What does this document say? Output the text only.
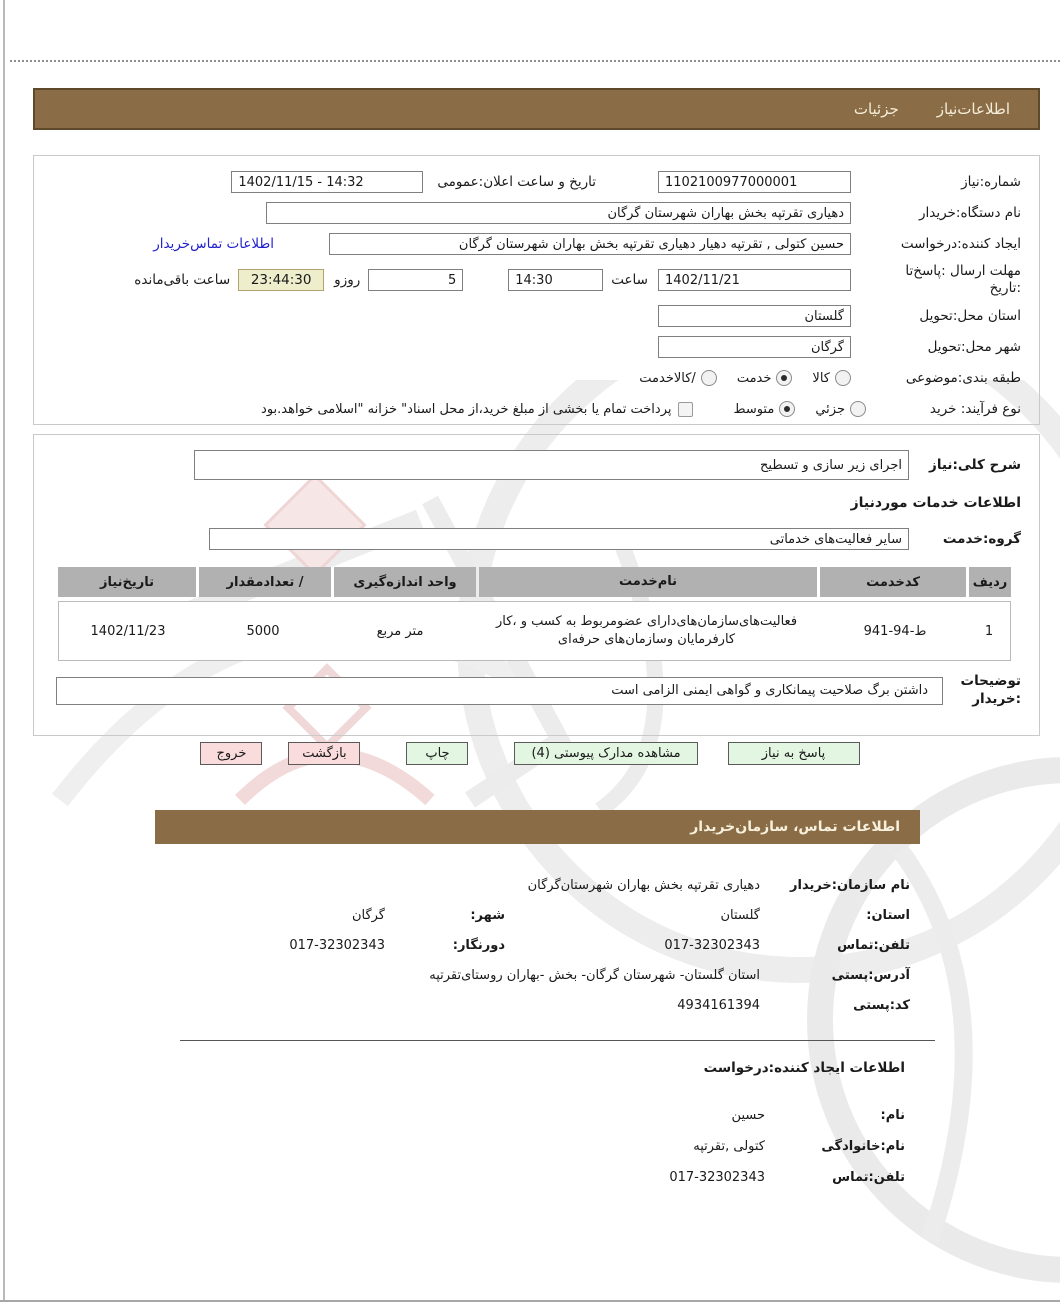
اطلاعات‌نیاز
جزئیات
شماره:نیاز
1102100977000001
تاریخ و ساعت اعلان:عمومی
1402/11/15 - 14:32
نام دستگاه:خریدار
دهیاری تقرتپه بخش بهاران شهرستان گرگان
ایجاد کننده:درخواست
حسین کتولی , تقرتپه دهیار دهیاری تقرتپه بخش بهاران شهرستان گرگان
اطلاعات تماس‌خریدار
مهلت ارسال :پاسخ‌تا
:تاریخ
1402/11/21
ساعت
14:30
5
روزو
23:44:30
ساعت باقی‌مانده
استان محل:تحویل
گلستان
شهر محل:تحویل
گرگان
طبقه بندی:موضوعی
کالا
خدمت
/کالاخدمت
نوع فرآیند: خرید
جزئي
متوسط
پرداخت تمام یا بخشی از مبلغ خرید،از محل اسناد" خزانه "اسلامی خواهد.بود
شرح کلی:نیاز
اجرای زیر سازی و تسطیح
اطلاعات خدمات موردنیاز
گروه:خدمت
سایر فعالیت‌های خدماتی
ردیف
کدخدمت
نام‌خدمت
واحد اندازه‌گیری
/ تعدادمقدار
تاریخ‌نیاز
1
ط-94-941
فعالیت‌های‌سازمان‌های‌دارای عضومربوط به کسب و ،کار کارفرمایان وسازمان‌های حرفه‌ای
متر مربع
5000
1402/11/23
توضیحات
:خریدار
داشتن برگ صلاحیت پیمانکاری و گواهی ایمنی الزامی است
پاسخ به نیاز
مشاهده مدارک پیوستی (4)
چاپ
بازگشت
خروج
اطلاعات تماس، سازمان‌خریدار
نام سازمان:خریدار
دهیاری تقرتپه بخش بهاران شهرستان‌گرگان
استان:
گلستان
شهر:
گرگان
تلفن:تماس
017-32302343
دورنگار:
017-32302343
آدرس:پستی
استان گلستان- شهرستان گرگان- بخش -بهاران روستای‌تقرتپه
کد:پستی
4934161394
اطلاعات ایجاد کننده:درخواست
نام:
حسین
نام:خانوادگی
کتولی ,تقرتپه
تلفن:تماس
017-32302343
